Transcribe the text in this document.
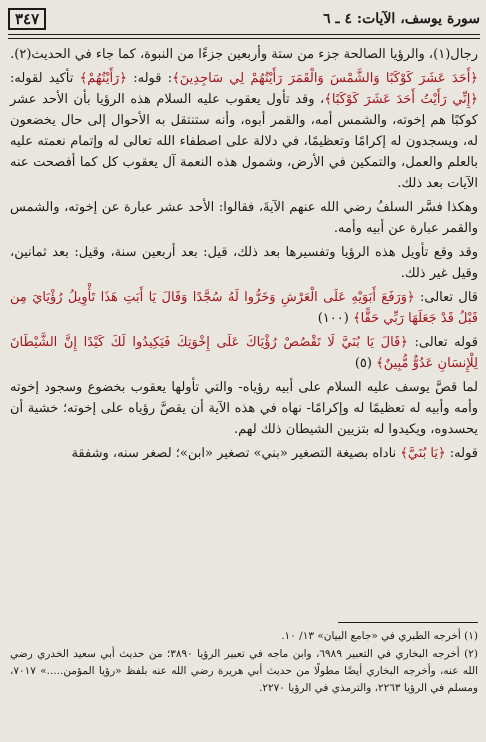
سورة يوسف، الآيات: ٤ ـ ٦
٣٤٧

رجال(١)، والرؤيا الصالحة جزء من ستة وأربعين جزءًا من النبوة، كما جاء في الحديث(٢).

﴿أَحَدَ عَشَرَ كَوْكَبًا وَالشَّمْسَ وَالْقَمَرَ رَأَيْتُهُمْ لِي سَاجِدِينَ﴾: قوله: ﴿رَأَيْتُهُمْ﴾ تأكيد لقوله: ﴿إِنِّي رَأَيْتُ أَحَدَ عَشَرَ كَوْكَبًا﴾، وقد تأول يعقوب عليه السلام هذه الرؤيا بأن الأحد عشر كوكبًا هم إخوته، والشمس أمه، والقمر أبوه، وأنه ستنتقل به الأحوال إلى حال يخضعون له، ويسجدون له إكرامًا وتعظيمًا، في دلالة على اصطفاء الله تعالى له وإتمام نعمته عليه بالعلم والعمل، والتمكين في الأرض، وشمول هذه النعمة آل يعقوب كل كما أفصحت عنه الآيات بعد ذلك.

وهكذا فسَّر السلفُ رضي الله عنهم الآيةَ، فقالوا: الأحد عشر عبارة عن إخوته، والشمس والقمر عبارة عن أبيه وأمه.

وقد وقع تأويل هذه الرؤيا وتفسيرها بعد ذلك، قيل: بعد أربعين سنة، وقيل: بعد ثمانين، وقيل غير ذلك.

قال تعالى: ﴿وَرَفَعَ أَبَوَيْهِ عَلَى الْعَرْشِ وَخَرُّوا لَهُ سُجَّدًا وَقَالَ يَا أَبَتِ هَذَا تَأْوِيلُ رُؤْيَايَ مِن قَبْلُ قَدْ جَعَلَهَا رَبِّي حَقًّا﴾ (١٠٠)

قوله تعالى: ﴿قَالَ يَا بُنَيَّ لَا تَقْصُصْ رُؤْيَاكَ عَلَى إِخْوَتِكَ فَيَكِيدُوا لَكَ كَيْدًا إِنَّ الشَّيْطَانَ لِلْإِنسَانِ عَدُوٌّ مُّبِينٌ﴾ (٥)

لما قصَّ يوسف عليه السلام على أبيه رؤياه- والتي تأولها يعقوب بخضوع وسجود إخوته وأمه وأبيه له تعظيمًا له وإكرامًا- نهاه في هذه الآية أن يقصَّ رؤياه على إخوته؛ خشية أن يحسدوه، ويكيدوا له بتزيين الشيطان ذلك لهم.

قوله: ﴿يَا بُنَيَّ﴾ ناداه بصيغة التصغير «بني» تصغير «ابن»؛ لصغر سنه، وشفقة

(١) أخرجه الطبري في «جامع البيان» ١٣/ ١٠.

(٢) أخرجه البخاري في التعبير ٦٩٨٩، وابن ماجه في تعبير الرؤيا ٣٨٩٠؛ من حديث أبي سعيد الخدري رضي الله عنه، وأخرجه البخاري أيضًا مطولًا من حديث أبي هريرة رضي الله عنه بلفظ «رؤيا المؤمن.....» ٧٠١٧، ومسلم في الرؤيا ٢٢٦٣، والترمذي في الرؤيا ٢٢٧٠.
